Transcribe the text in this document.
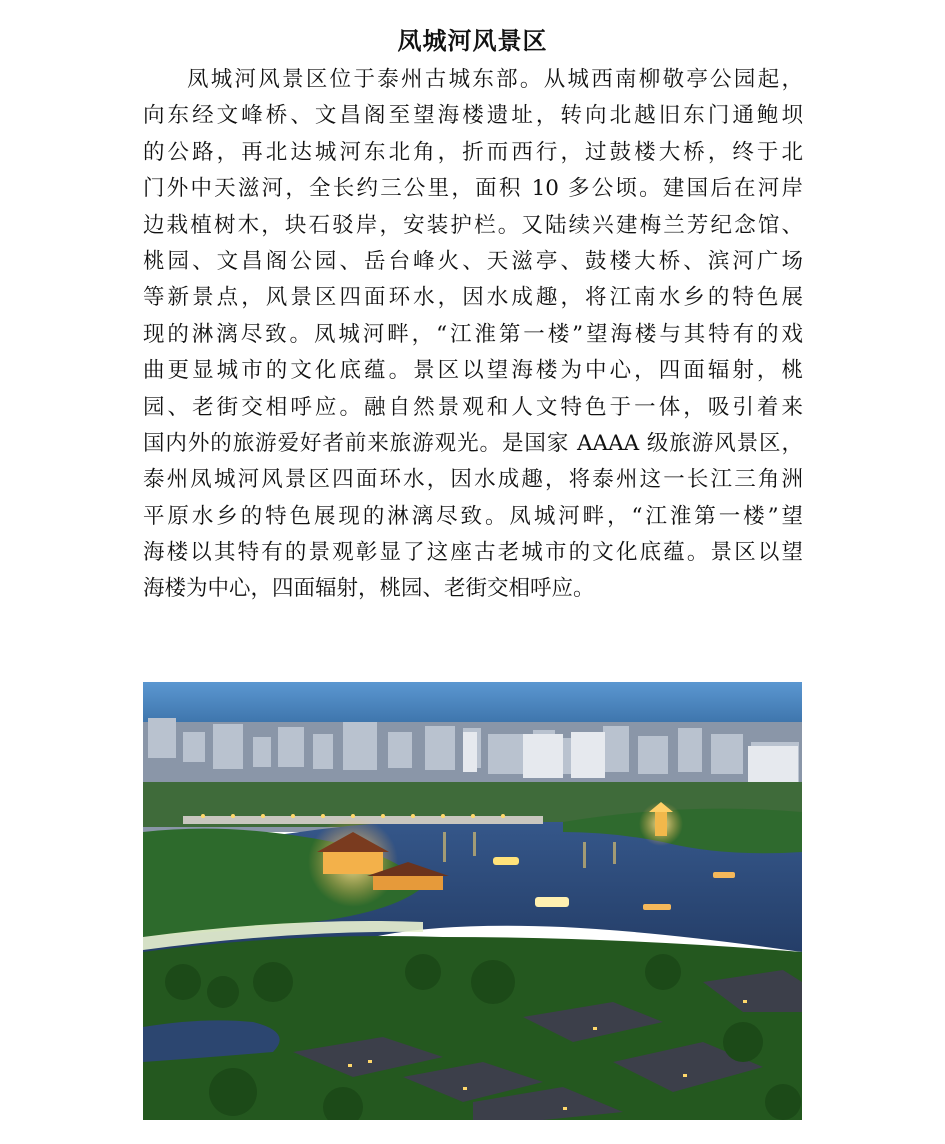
凤城河风景区
凤城河风景区位于泰州古城东部。从城西南柳敬亭公园起，
向东经文峰桥、文昌阁至望海楼遗址，转向北越旧东门通鲍坝
的公路，再北达城河东北角，折而西行，过鼓楼大桥，终于北
门外中天滋河，全长约三公里，面积 10 多公顷。建国后在河岸
边栽植树木，块石驳岸，安装护栏。又陆续兴建梅兰芳纪念馆、
桃园、文昌阁公园、岳台峰火、天滋亭、鼓楼大桥、滨河广场
等新景点，风景区四面环水，因水成趣，将江南水乡的特色展
现的淋漓尽致。凤城河畔，“江淮第一楼”望海楼与其特有的戏
曲更显城市的文化底蕴。景区以望海楼为中心，四面辐射，桃
园、老街交相呼应。融自然景观和人文特色于一体，吸引着来
国内外的旅游爱好者前来旅游观光。是国家 AAAA 级旅游风景区，
泰州凤城河风景区四面环水，因水成趣，将泰州这一长江三角洲
平原水乡的特色展现的淋漓尽致。凤城河畔，“江淮第一楼”望
海楼以其特有的景观彰显了这座古老城市的文化底蕴。景区以望
海楼为中心，四面辐射，桃园、老街交相呼应。
